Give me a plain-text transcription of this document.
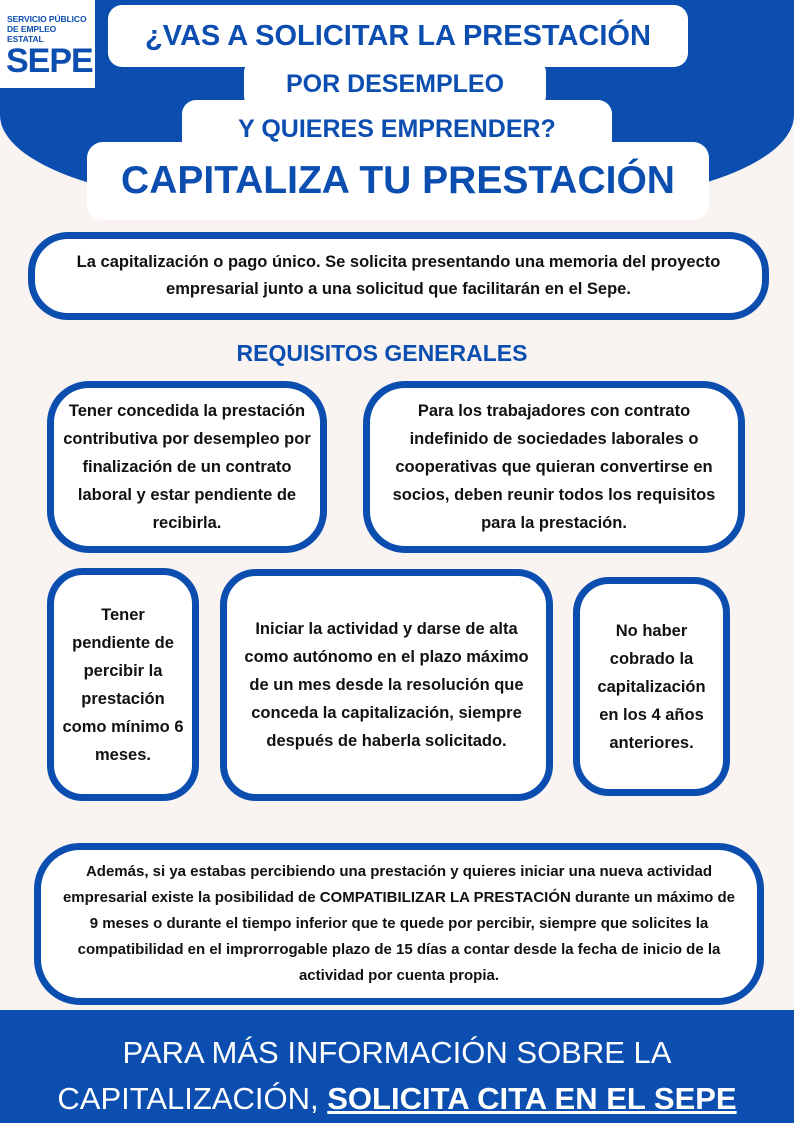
SERVICIO PÚBLICO
DE EMPLEO ESTATAL
SEPE
¿VAS A SOLICITAR LA PRESTACIÓN
POR DESEMPLEO
Y QUIERES EMPRENDER?
CAPITALIZA TU PRESTACIÓN
La capitalización o pago único. Se solicita presentando una memoria del proyecto empresarial junto a una solicitud que facilitarán en el Sepe.
REQUISITOS GENERALES
Tener concedida la prestación contributiva por desempleo por finalización de un contrato laboral y estar pendiente de recibirla.
Para los trabajadores con contrato indefinido de sociedades laborales o cooperativas que quieran convertirse en socios, deben reunir todos los requisitos para la prestación.
Tener pendiente de percibir la prestación como mínimo 6 meses.
Iniciar la actividad y darse de alta como autónomo en el plazo máximo de un mes desde la resolución que conceda la capitalización, siempre después de haberla solicitado.
No haber cobrado la capitalización en los 4 años anteriores.
Además, si ya estabas percibiendo una prestación y quieres iniciar una nueva actividad empresarial existe la posibilidad de COMPATIBILIZAR LA PRESTACIÓN durante un máximo de 9 meses o durante el tiempo inferior que te quede por percibir, siempre que solicites la compatibilidad en el improrrogable plazo de 15 días a contar desde la fecha de inicio de la actividad por cuenta propia.
PARA MÁS INFORMACIÓN SOBRE LA
CAPITALIZACIÓN, SOLICITA CITA EN EL SEPE
